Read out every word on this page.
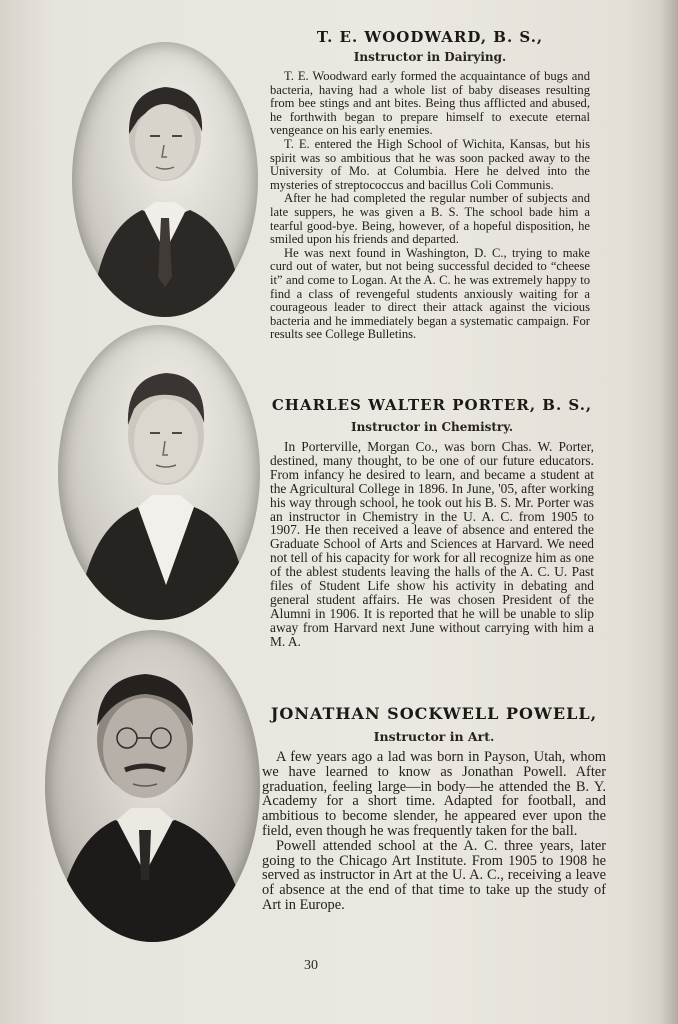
T. E. WOODWARD, B. S.,

Instructor in Dairying.

T. E. Woodward early formed the acquaintance of bugs and bacteria, having had a whole list of baby diseases resulting from bee stings and ant bites. Being thus afflicted and abused, he forthwith began to prepare himself to execute eternal vengeance on his early enemies.

T. E. entered the High School of Wichita, Kansas, but his spirit was so ambitious that he was soon packed away to the University of Mo. at Columbia. Here he delved into the mysteries of streptococcus and bacillus Coli Communis.

After he had completed the regular number of subjects and late suppers, he was given a B. S. The school bade him a tearful good-bye. Being, however, of a hopeful disposition, he smiled upon his friends and departed.

He was next found in Washington, D. C., trying to make curd out of water, but not being successful decided to “cheese it” and come to Logan. At the A. C. he was extremely happy to find a class of revengeful students anxiously waiting for a courageous leader to direct their attack against the vicious bacteria and he immediately began a systematic campaign. For results see College Bulletins.

CHARLES WALTER PORTER, B. S.,

Instructor in Chemistry.

In Porterville, Morgan Co., was born Chas. W. Porter, destined, many thought, to be one of our future educators. From infancy he desired to learn, and became a student at the Agricultural College in 1896. In June, '05, after working his way through school, he took out his B. S. Mr. Porter was an instructor in Chemistry in the U. A. C. from 1905 to 1907. He then received a leave of absence and entered the Graduate School of Arts and Sciences at Harvard. We need not tell of his capacity for work for all recognize him as one of the ablest students leaving the halls of the A. C. U. Past files of Student Life show his activity in debating and general student affairs. He was chosen President of the Alumni in 1906. It is reported that he will be unable to slip away from Harvard next June without carrying with him a M. A.

JONATHAN SOCKWELL POWELL,

Instructor in Art.

A few years ago a lad was born in Payson, Utah, whom we have learned to know as Jonathan Powell. After graduation, feeling large—in body—he attended the B. Y. Academy for a short time. Adapted for football, and ambitious to become slender, he appeared ever upon the field, even though he was frequently taken for the ball.

Powell attended school at the A. C. three years, later going to the Chicago Art Institute. From 1905 to 1908 he served as instructor in Art at the U. A. C., receiving a leave of absence at the end of that time to take up the study of Art in Europe.

30
